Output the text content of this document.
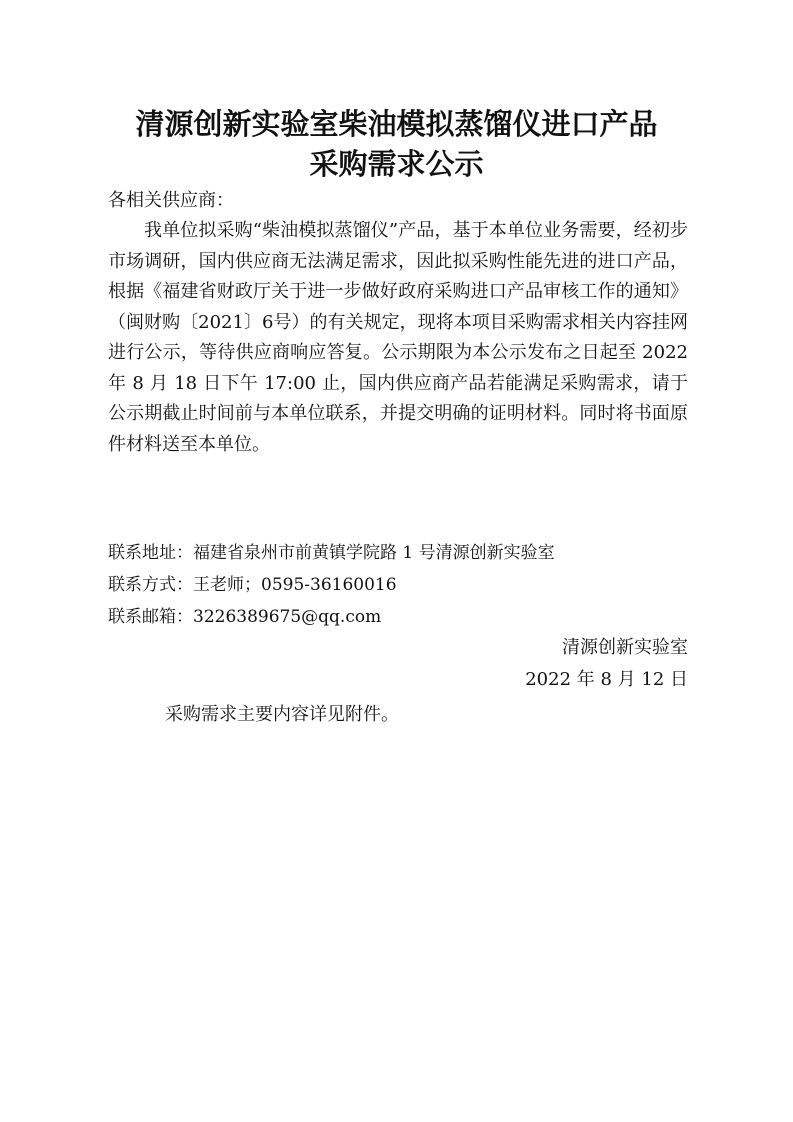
清源创新实验室柴油模拟蒸馏仪进口产品
采购需求公示

各相关供应商：

我单位拟采购“柴油模拟蒸馏仪”产品，基于本单位业务需要，经初步市场调研，国内供应商无法满足需求，因此拟采购性能先进的进口产品，根据《福建省财政厅关于进一步做好政府采购进口产品审核工作的通知》（闽财购〔2021〕6号）的有关规定，现将本项目采购需求相关内容挂网进行公示，等待供应商响应答复。公示期限为本公示发布之日起至 2022 年 8 月 18 日下午 17:00 止，国内供应商产品若能满足采购需求，请于公示期截止时间前与本单位联系，并提交明确的证明材料。同时将书面原件材料送至本单位。

联系地址：福建省泉州市前黄镇学院路 1 号清源创新实验室

联系方式：王老师；0595-36160016

联系邮箱：3226389675@qq.com

清源创新实验室

2022 年 8 月 12 日

采购需求主要内容详见附件。
